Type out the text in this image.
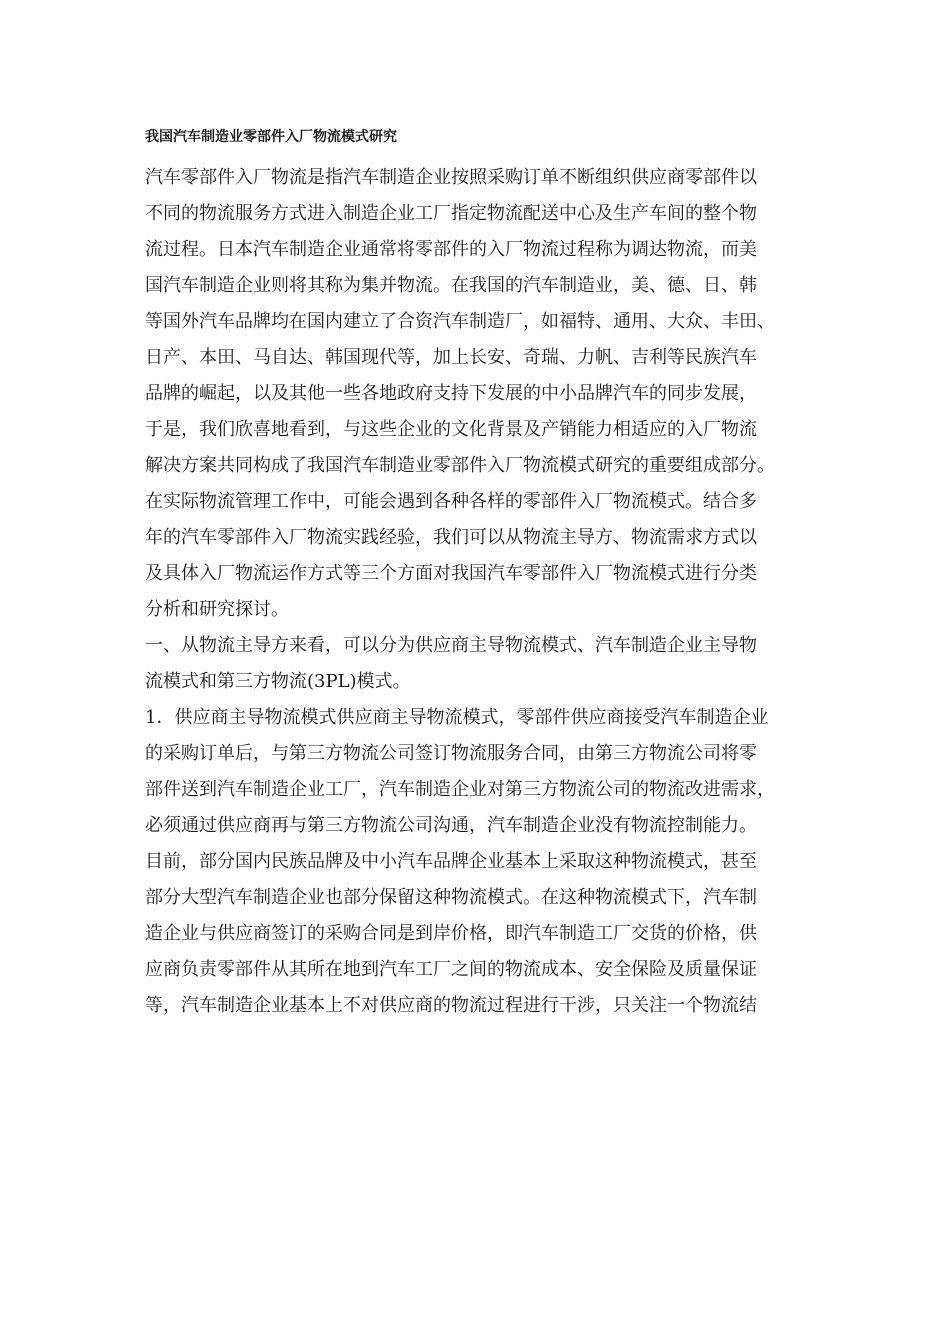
我国汽车制造业零部件入厂物流模式研究
汽车零部件入厂物流是指汽车制造企业按照采购订单不断组织供应商零部件以
不同的物流服务方式进入制造企业工厂指定物流配送中心及生产车间的整个物
流过程。日本汽车制造企业通常将零部件的入厂物流过程称为调达物流，而美
国汽车制造企业则将其称为集并物流。在我国的汽车制造业，美、德、日、韩
等国外汽车品牌均在国内建立了合资汽车制造厂，如福特、通用、大众、丰田、
日产、本田、马自达、韩国现代等，加上长安、奇瑞、力帆、吉利等民族汽车
品牌的崛起，以及其他一些各地政府支持下发展的中小品牌汽车的同步发展，
于是，我们欣喜地看到，与这些企业的文化背景及产销能力相适应的入厂物流
解决方案共同构成了我国汽车制造业零部件入厂物流模式研究的重要组成部分。
在实际物流管理工作中，可能会遇到各种各样的零部件入厂物流模式。结合多
年的汽车零部件入厂物流实践经验，我们可以从物流主导方、物流需求方式以
及具体入厂物流运作方式等三个方面对我国汽车零部件入厂物流模式进行分类
分析和研究探讨。
一、从物流主导方来看，可以分为供应商主导物流模式、汽车制造企业主导物
流模式和第三方物流(3PL)模式。
1．供应商主导物流模式供应商主导物流模式，零部件供应商接受汽车制造企业
的采购订单后，与第三方物流公司签订物流服务合同，由第三方物流公司将零
部件送到汽车制造企业工厂，汽车制造企业对第三方物流公司的物流改进需求，
必须通过供应商再与第三方物流公司沟通，汽车制造企业没有物流控制能力。
目前，部分国内民族品牌及中小汽车品牌企业基本上采取这种物流模式，甚至
部分大型汽车制造企业也部分保留这种物流模式。在这种物流模式下，汽车制
造企业与供应商签订的采购合同是到岸价格，即汽车制造工厂交货的价格，供
应商负责零部件从其所在地到汽车工厂之间的物流成本、安全保险及质量保证
等，汽车制造企业基本上不对供应商的物流过程进行干涉，只关注一个物流结
